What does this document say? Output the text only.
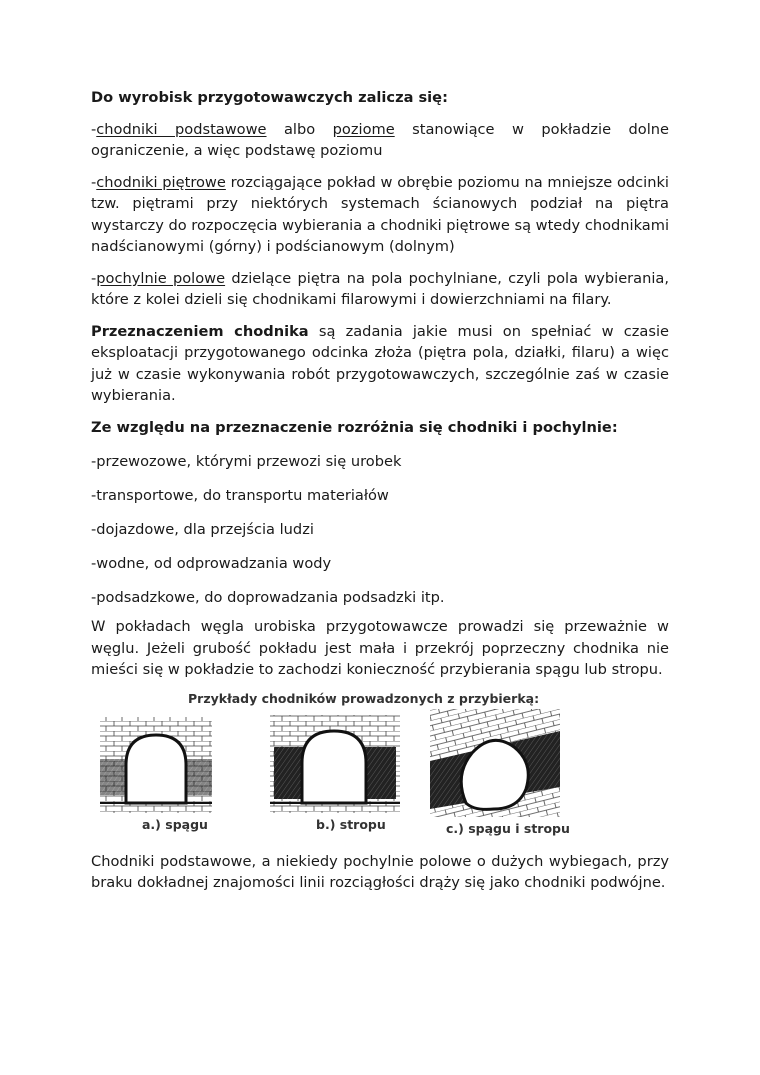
Do wyrobisk przygotowawczych zalicza się:

-chodniki podstawowe albo poziome stanowiące w pokładzie dolne ograniczenie, a więc podstawę poziomu

-chodniki piętrowe rozciągające pokład w obrębie poziomu na mniejsze odcinki tzw. piętrami przy niektórych systemach ścianowych podział na piętra wystarczy do rozpoczęcia wybierania a chodniki piętrowe są wtedy chodnikami nadścianowymi (górny) i podścianowym (dolnym)

-pochylnie polowe dzielące piętra na pola pochylniane, czyli pola wybierania, które z kolei dzieli się chodnikami filarowymi i dowierzchniami na filary.

Przeznaczeniem chodnika są zadania jakie musi on spełniać w czasie eksploatacji przygotowanego odcinka złoża (piętra pola, działki, filaru) a więc już w czasie wykonywania robót przygotowawczych, szczególnie zaś w czasie wybierania.

Ze względu na przeznaczenie rozróżnia się chodniki i pochylnie:

-przewozowe, którymi przewozi się urobek

-transportowe, do transportu materiałów

-dojazdowe, dla przejścia ludzi

-wodne, od odprowadzania wody

-podsadzkowe, do doprowadzania podsadzki itp.

W pokładach węgla urobiska przygotowawcze prowadzi się przeważnie w węglu. Jeżeli grubość pokładu jest mała i przekrój poprzeczny chodnika nie mieści się w pokładzie to zachodzi konieczność przybierania spągu lub stropu.

Przykłady chodników prowadzonych z przybierką:
a.) spągu	b.) stropu	c.) spągu i stropu

Chodniki podstawowe, a niekiedy pochylnie polowe o dużych wybiegach, przy braku dokładnej znajomości linii rozciągłości drąży się jako chodniki podwójne.
